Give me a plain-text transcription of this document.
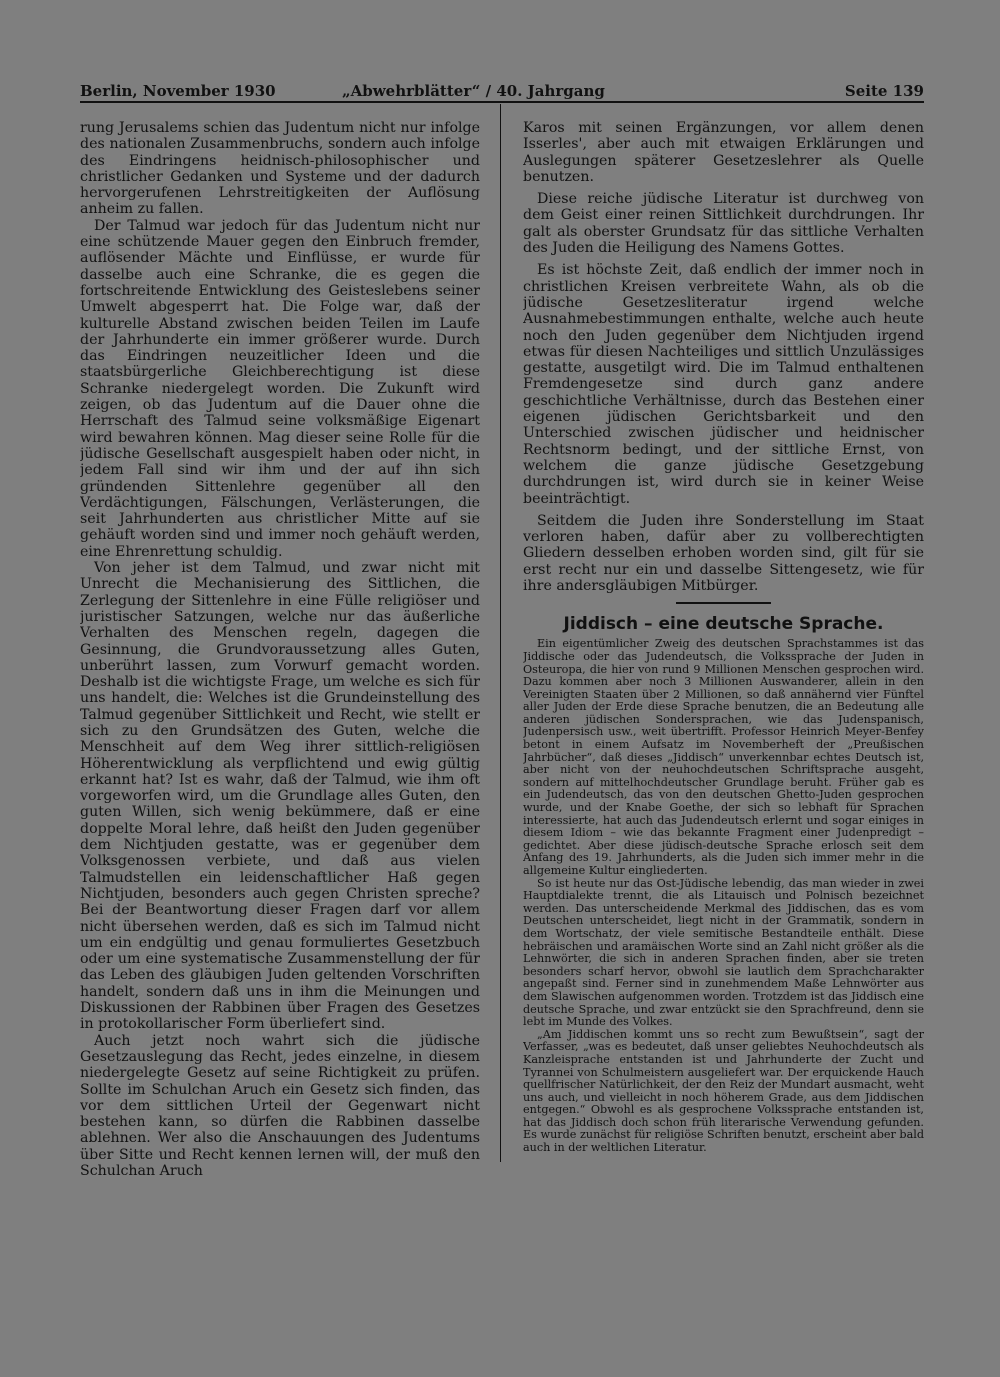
Berlin, November 1930	„Abwehrblätter“ / 40. Jahrgang	Seite 139

rung Jerusalems schien das Judentum nicht nur infolge des nationalen Zusammenbruchs, sondern auch infolge des Eindringens heidnisch-philosophischer und christlicher Gedanken und Systeme und der dadurch hervorgerufenen Lehrstreitigkeiten der Auflösung anheim zu fallen.

Der Talmud war jedoch für das Judentum nicht nur eine schützende Mauer gegen den Einbruch fremder, auflösender Mächte und Einflüsse, er wurde für dasselbe auch eine Schranke, die es gegen die fortschreitende Entwicklung des Geisteslebens seiner Umwelt abgesperrt hat. Die Folge war, daß der kulturelle Abstand zwischen beiden Teilen im Laufe der Jahrhunderte ein immer größerer wurde. Durch das Eindringen neuzeitlicher Ideen und die staatsbürgerliche Gleichberechtigung ist diese Schranke niedergelegt worden. Die Zukunft wird zeigen, ob das Judentum auf die Dauer ohne die Herrschaft des Talmud seine volksmäßige Eigenart wird bewahren können. Mag dieser seine Rolle für die jüdische Gesellschaft ausgespielt haben oder nicht, in jedem Fall sind wir ihm und der auf ihn sich gründenden Sittenlehre gegenüber all den Verdächtigungen, Fälschungen, Verlästerungen, die seit Jahrhunderten aus christlicher Mitte auf sie gehäuft worden sind und immer noch gehäuft werden, eine Ehrenrettung schuldig.

Von jeher ist dem Talmud, und zwar nicht mit Unrecht die Mechanisierung des Sittlichen, die Zerlegung der Sittenlehre in eine Fülle religiöser und juristischer Satzungen, welche nur das äußerliche Verhalten des Menschen regeln, dagegen die Gesinnung, die Grundvoraussetzung alles Guten, unberührt lassen, zum Vorwurf gemacht worden. Deshalb ist die wichtigste Frage, um welche es sich für uns handelt, die: Welches ist die Grundeinstellung des Talmud gegenüber Sittlichkeit und Recht, wie stellt er sich zu den Grundsätzen des Guten, welche die Menschheit auf dem Weg ihrer sittlich-religiösen Höherentwicklung als verpflichtend und ewig gültig erkannt hat? Ist es wahr, daß der Talmud, wie ihm oft vorgeworfen wird, um die Grundlage alles Guten, den guten Willen, sich wenig bekümmere, daß er eine doppelte Moral lehre, daß heißt den Juden gegenüber dem Nichtjuden gestatte, was er gegenüber dem Volksgenossen verbiete, und daß aus vielen Talmudstellen ein leidenschaftlicher Haß gegen Nichtjuden, besonders auch gegen Christen spreche? Bei der Beantwortung dieser Fragen darf vor allem nicht übersehen werden, daß es sich im Talmud nicht um ein endgültig und genau formuliertes Gesetzbuch oder um eine systematische Zusammenstellung der für das Leben des gläubigen Juden geltenden Vorschriften handelt, sondern daß uns in ihm die Meinungen und Diskussionen der Rabbinen über Fragen des Gesetzes in protokollarischer Form überliefert sind.

Auch jetzt noch wahrt sich die jüdische Gesetzauslegung das Recht, jedes einzelne, in diesem niedergelegte Gesetz auf seine Richtigkeit zu prüfen. Sollte im Schulchan Aruch ein Gesetz sich finden, das vor dem sittlichen Urteil der Gegenwart nicht bestehen kann, so dürfen die Rabbinen dasselbe ablehnen. Wer also die Anschauungen des Judentums über Sitte und Recht kennen lernen will, der muß den Schulchan Aruch

Karos mit seinen Ergänzungen, vor allem denen Isserles', aber auch mit etwaigen Erklärungen und Auslegungen späterer Gesetzeslehrer als Quelle benutzen.

Diese reiche jüdische Literatur ist durchweg von dem Geist einer reinen Sittlichkeit durchdrungen. Ihr galt als oberster Grundsatz für das sittliche Verhalten des Juden die Heiligung des Namens Gottes.

Es ist höchste Zeit, daß endlich der immer noch in christlichen Kreisen verbreitete Wahn, als ob die jüdische Gesetzesliteratur irgend welche Ausnahmebestimmungen enthalte, welche auch heute noch den Juden gegenüber dem Nichtjuden irgend etwas für diesen Nachteiliges und sittlich Unzulässiges gestatte, ausgetilgt wird. Die im Talmud enthaltenen Fremdengesetze sind durch ganz andere geschichtliche Verhältnisse, durch das Bestehen einer eigenen jüdischen Gerichtsbarkeit und den Unterschied zwischen jüdischer und heidnischer Rechtsnorm bedingt, und der sittliche Ernst, von welchem die ganze jüdische Gesetzgebung durchdrungen ist, wird durch sie in keiner Weise beeinträchtigt.

Seitdem die Juden ihre Sonderstellung im Staat verloren haben, dafür aber zu vollberechtigten Gliedern desselben erhoben worden sind, gilt für sie erst recht nur ein und dasselbe Sittengesetz, wie für ihre andersgläubigen Mitbürger.

Jiddisch – eine deutsche Sprache.

Ein eigentümlicher Zweig des deutschen Sprachstammes ist das Jiddische oder das Judendeutsch, die Volkssprache der Juden in Osteuropa, die hier von rund 9 Millionen Menschen gesprochen wird. Dazu kommen aber noch 3 Millionen Auswanderer, allein in den Vereinigten Staaten über 2 Millionen, so daß annähernd vier Fünftel aller Juden der Erde diese Sprache benutzen, die an Bedeutung alle anderen jüdischen Sondersprachen, wie das Judenspanisch, Judenpersisch usw., weit übertrifft. Professor Heinrich Meyer-Benfey betont in einem Aufsatz im Novemberheft der „Preußischen Jahrbücher“, daß dieses „Jiddisch“ unverkennbar echtes Deutsch ist, aber nicht von der neuhochdeutschen Schriftsprache ausgeht, sondern auf mittelhochdeutscher Grundlage beruht. Früher gab es ein Judendeutsch, das von den deutschen Ghetto-Juden gesprochen wurde, und der Knabe Goethe, der sich so lebhaft für Sprachen interessierte, hat auch das Judendeutsch erlernt und sogar einiges in diesem Idiom – wie das bekannte Fragment einer Judenpredigt – gedichtet. Aber diese jüdisch-deutsche Sprache erlosch seit dem Anfang des 19. Jahrhunderts, als die Juden sich immer mehr in die allgemeine Kultur eingliederten.

So ist heute nur das Ost-Jüdische lebendig, das man wieder in zwei Hauptdialekte trennt, die als Litauisch und Polnisch bezeichnet werden. Das unterscheidende Merkmal des Jiddischen, das es vom Deutschen unterscheidet, liegt nicht in der Grammatik, sondern in dem Wortschatz, der viele semitische Bestandteile enthält. Diese hebräischen und aramäischen Worte sind an Zahl nicht größer als die Lehnwörter, die sich in anderen Sprachen finden, aber sie treten besonders scharf hervor, obwohl sie lautlich dem Sprachcharakter angepaßt sind. Ferner sind in zunehmendem Maße Lehnwörter aus dem Slawischen aufgenommen worden. Trotzdem ist das Jiddisch eine deutsche Sprache, und zwar entzückt sie den Sprachfreund, denn sie lebt im Munde des Volkes.

„Am Jiddischen kommt uns so recht zum Bewußtsein“, sagt der Verfasser, „was es bedeutet, daß unser geliebtes Neuhochdeutsch als Kanzleisprache entstanden ist und Jahrhunderte der Zucht und Tyrannei von Schulmeistern ausgeliefert war. Der erquickende Hauch quellfrischer Natürlichkeit, der den Reiz der Mundart ausmacht, weht uns auch, und vielleicht in noch höherem Grade, aus dem Jiddischen entgegen.“ Obwohl es als gesprochene Volkssprache entstanden ist, hat das Jiddisch doch schon früh literarische Verwendung gefunden. Es wurde zunächst für religiöse Schriften benutzt, erscheint aber bald auch in der weltlichen Literatur.
